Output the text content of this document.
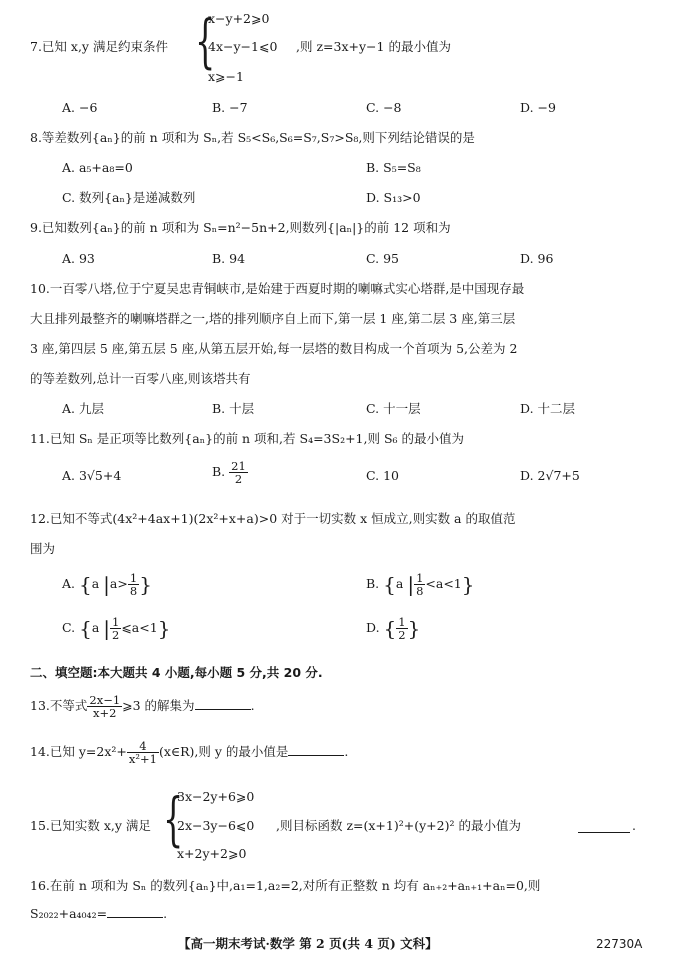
7.已知 x,y 满足约束条件 {
x−y+2⩾0
4x−y−1⩽0 ,则 z=3x+y−1 的最小值为
x⩾−1
A. −6	B. −7	C. −8	D. −9
8.等差数列{aₙ}的前 n 项和为 Sₙ,若 S₅<S₆,S₆=S₇,S₇>S₈,则下列结论错误的是
A. a₅+a₈=0	B. S₅=S₈
C. 数列{aₙ}是递减数列	D. S₁₃>0
9.已知数列{aₙ}的前 n 项和为 Sₙ=n²−5n+2,则数列{|aₙ|}的前 12 项和为
A. 93	B. 94	C. 95	D. 96
10.一百零八塔,位于宁夏吴忠青铜峡市,是始建于西夏时期的喇嘛式实心塔群,是中国现存最
大且排列最整齐的喇嘛塔群之一,塔的排列顺序自上而下,第一层 1 座,第二层 3 座,第三层
3 座,第四层 5 座,第五层 5 座,从第五层开始,每一层塔的数目构成一个首项为 5,公差为 2
的等差数列,总计一百零八座,则该塔共有
A. 九层	B. 十层	C. 十一层	D. 十二层
11.已知 Sₙ 是正项等比数列{aₙ}的前 n 项和,若 S₄=3S₂+1,则 S₆ 的最小值为
A. 3√5+4	B. $\frac{21}{2}$	C. 10	D. 2√7+5
12.已知不等式(4x²+4ax+1)(2x²+x+a)>0 对于一切实数 x 恒成立,则实数 a 的取值范
围为
A. {a $|a> \frac{1}{8}$ }	B. {a | $\frac{1}{8} <a<1$}
C. {a | $\frac{1}{2}$ ⩽a<1}	D. { $\frac{1}{2}$ }
二、填空题:本大题共 4 小题,每小题 5 分,共 20 分.
13.不等式 $\frac{2x-1}{x+2}$ ⩾3 的解集为	.
14.已知 $y=2x^2+ \frac{4}{\text{x²+1}}$ (x∈R),则 y 的最小值是	.
15.已知实数 x,y 满足 {
3x−2y+6⩾0
2x−3y−6⩽0 ,则目标函数 z=(x+1)²+(y+2)² 的最小值为	.
x+2y+2⩾0
16.在前 n 项和为 Sₙ 的数列{aₙ}中,a₁=1,a₂=2,对所有正整数 n 均有 aₙ₊₂+aₙ₊₁+aₙ=0,则
S₂₀₂₂+a₄₀₄₂=	.
【高一期末考试·数学 第 2 页(共 4 页) 文科】	22730A
